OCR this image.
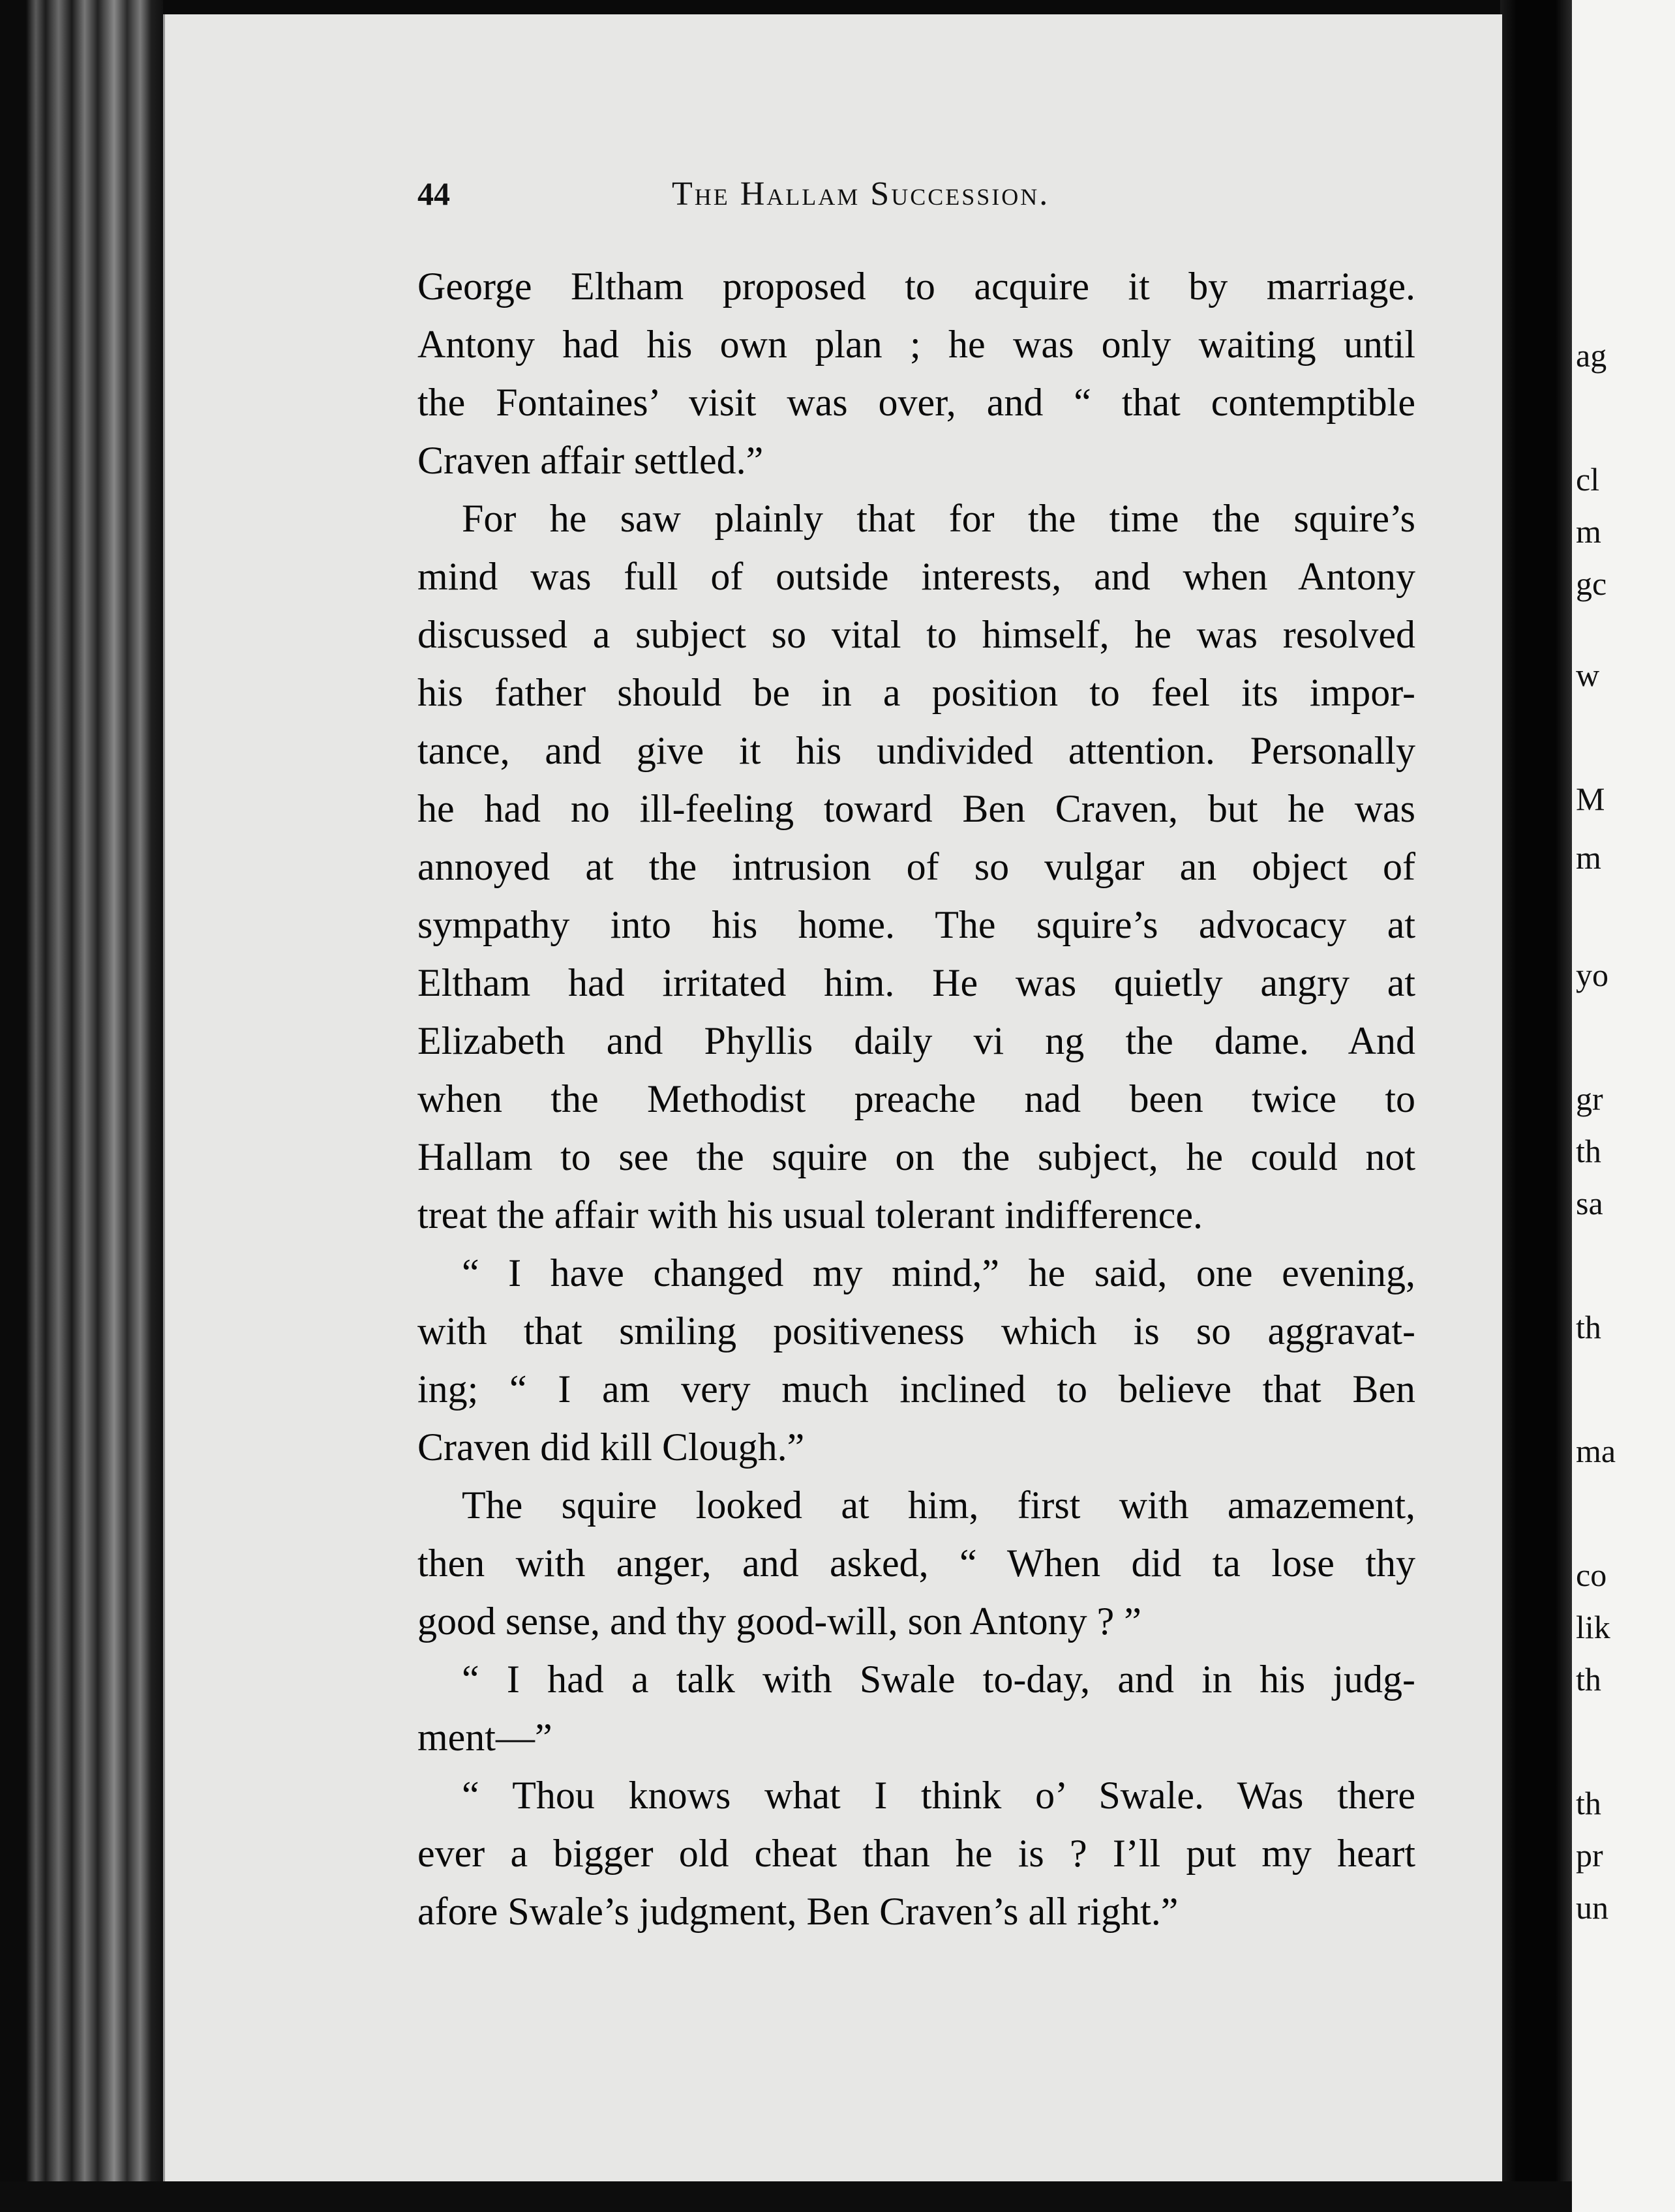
44	The Hallam Succession.
George Eltham proposed to acquire it by marriage.
Antony had his own plan ; he was only waiting until
the Fontaines’ visit was over, and “ that contemptible
Craven affair settled.”
For he saw plainly that for the time the squire’s
mind was full of outside interests, and when Antony
discussed a subject so vital to himself, he was resolved
his father should be in a position to feel its impor-
tance, and give it his undivided attention. Personally
he had no ill-feeling toward Ben Craven, but he was
annoyed at the intrusion of so vulgar an object of
sympathy into his home. The squire’s advocacy at
Eltham had irritated him. He was quietly angry at
Elizabeth and Phyllis daily vi ng the dame. And
when the Methodist preache nad been twice to
Hallam to see the squire on the subject, he could not
treat the affair with his usual tolerant indifference.
“ I have changed my mind,” he said, one evening,
with that smiling positiveness which is so aggravat-
ing; “ I am very much inclined to believe that Ben
Craven did kill Clough.”
The squire looked at him, first with amazement,
then with anger, and asked, “ When did ta lose thy
good sense, and thy good-will, son Antony ? ”
“ I had a talk with Swale to-day, and in his judg-
ment—”
“ Thou knows what I think o’ Swale. Was there
ever a bigger old cheat than he is ? I’ll put my heart
afore Swale’s judgment, Ben Craven’s all right.”
ag
cl
m
gc
w
M
m
yo
gr
th
sa
th
ma
co
lik
th
th
pr
un
